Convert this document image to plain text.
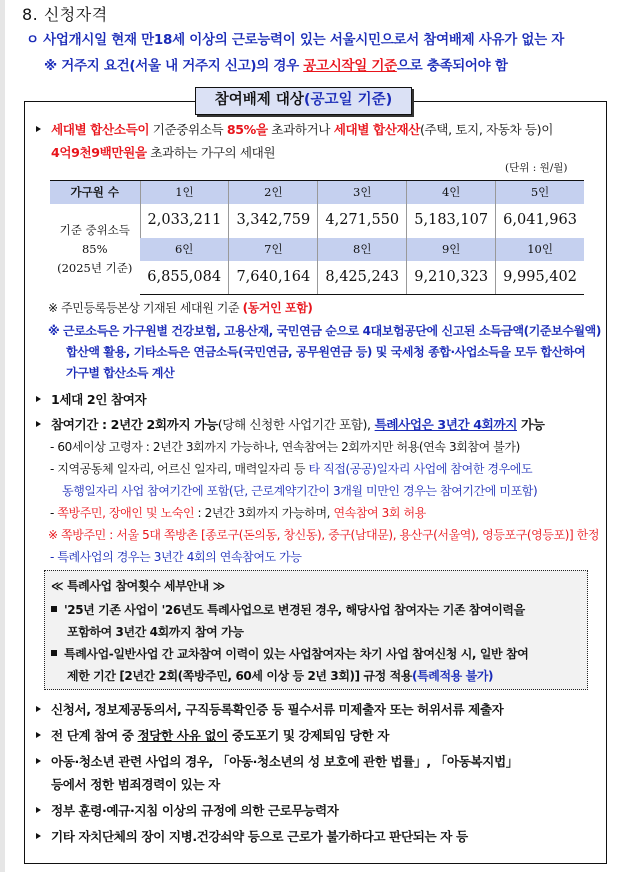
8. 신청자격
ㅇ 사업개시일 현재 만18세 이상의 근로능력이 있는 서울시민으로서 참여배제 사유가 없는 자
※ 거주지 요건(서울 내 거주지 신고)의 경우 공고시작일 기준으로 충족되어야 함
참여배제 대상(공고일 기준)
세대별 합산소득이 기준중위소득 85%을 초과하거나 세대별 합산재산(주택, 토지, 자동차 등)이
4억9천9백만원을 초과하는 가구의 세대원
(단위 : 원/월)
가구원 수	1인	2인	3인	4인	5인

기준 중위소득
85%
(2025년 기준)	2,033,211	3,342,759	4,271,550	5,183,107	6,041,963
	6인	7인	8인	9인	10인
	6,855,084	7,640,164	8,425,243	9,210,323	9,995,402
※ 주민등록등본상 기재된 세대원 기준 (동거인 포함)
※ 근로소득은 가구원별 건강보험, 고용산재, 국민연금 순으로 4대보험공단에 신고된 소득금액(기준보수월액)
합산액 활용, 기타소득은 연금소득(국민연금, 공무원연금 등) 및 국세청 종합·사업소득을 모두 합산하여
가구별 합산소득 계산
1세대 2인 참여자
참여기간 : 2년간 2회까지 가능(당해 신청한 사업기간 포함), 특례사업은 3년간 4회까지 가능
- 60세이상 고령자 : 2년간 3회까지 가능하나, 연속참여는 2회까지만 허용(연속 3회참여 불가)
- 지역공동체 일자리, 어르신 일자리, 매력일자리 등 타 직접(공공)일자리 사업에 참여한 경우에도
동행일자리 사업 참여기간에 포함(단, 근로계약기간이 3개월 미만인 경우는 참여기간에 미포함)
- 쪽방주민, 장애인 및 노숙인 : 2년간 3회까지 가능하며, 연속참여 3회 허용
※ 쪽방주민 : 서울 5대 쪽방촌 [종로구(돈의동, 창신동), 중구(남대문), 용산구(서울역), 영등포구(영등포)] 한정
- 특례사업의 경우는 3년간 4회의 연속참여도 가능
≪ 특례사업 참여횟수 세부안내 ≫
'25년 기존 사업이 '26년도 특례사업으로 변경된 경우, 해당사업 참여자는 기존 참여이력을
포함하여 3년간 4회까지 참여 가능
특례사업-일반사업 간 교차참여 이력이 있는 사업참여자는 차기 사업 참여신청 시, 일반 참여
제한 기간 [2년간 2회(쪽방주민, 60세 이상 등 2년 3회)] 규정 적용(특례적용 불가)
신청서, 정보제공동의서, 구직등록확인증 등 필수서류 미제출자 또는 허위서류 제출자
전 단계 참여 중 정당한 사유 없이 중도포기 및 강제퇴임 당한 자
아동·청소년 관련 사업의 경우, 「아동·청소년의 성 보호에 관한 법률」, 「아동복지법」
등에서 정한 범죄경력이 있는 자
정부 훈령·예규·지침 이상의 규정에 의한 근로무능력자
기타 자치단체의 장이 지병.건강쇠약 등으로 근로가 불가하다고 판단되는 자 등
